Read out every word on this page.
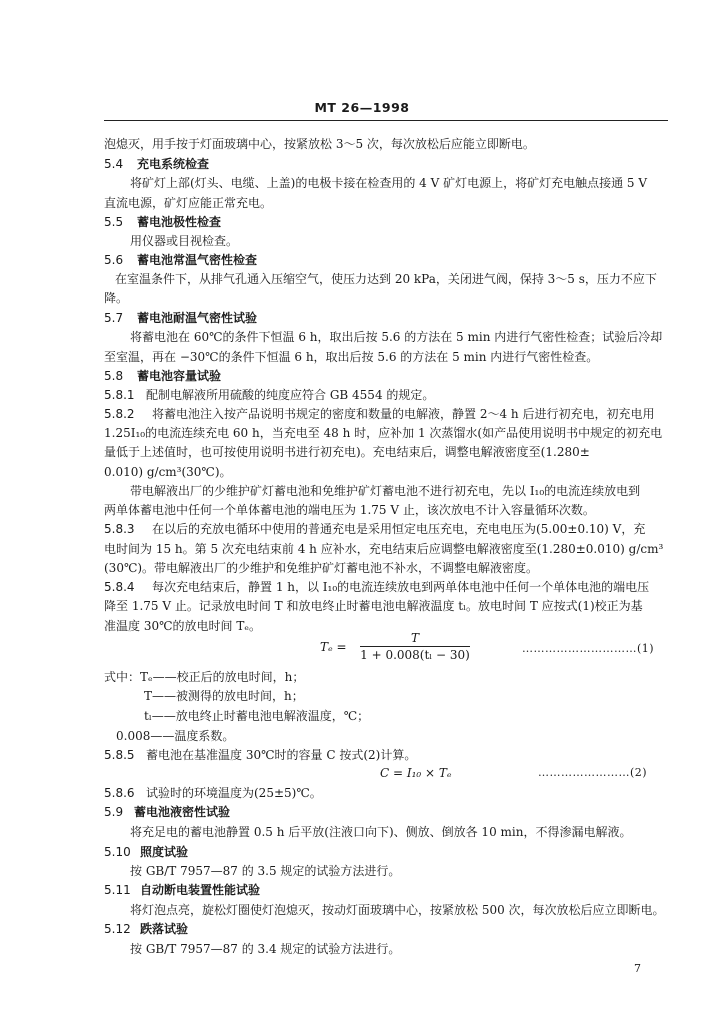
MT 26—1998
泡熄灭，用手按于灯面玻璃中心，按紧放松 3～5 次，每次放松后应能立即断电。
5.4 充电系统检查
将矿灯上部(灯头、电缆、上盖)的电极卡接在检查用的 4 V 矿灯电源上，将矿灯充电触点接通 5 V
直流电源，矿灯应能正常充电。
5.5 蓄电池极性检查
用仪器或目视检查。
5.6 蓄电池常温气密性检查
在室温条件下，从排气孔通入压缩空气，使压力达到 20 kPa，关闭进气阀，保持 3～5 s，压力不应下
降。
5.7 蓄电池耐温气密性试验
将蓄电池在 60℃的条件下恒温 6 h，取出后按 5.6 的方法在 5 min 内进行气密性检查；试验后冷却
至室温，再在 −30℃的条件下恒温 6 h，取出后按 5.6 的方法在 5 min 内进行气密性检查。
5.8 蓄电池容量试验
5.8.1 配制电解液所用硫酸的纯度应符合 GB 4554 的规定。
5.8.2 将蓄电池注入按产品说明书规定的密度和数量的电解液，静置 2～4 h 后进行初充电，初充电用
1.25I₁₀的电流连续充电 60 h，当充电至 48 h 时，应补加 1 次蒸馏水(如产品使用说明书中规定的初充电
量低于上述值时，也可按使用说明书进行初充电)。充电结束后，调整电解液密度至(1.280±
0.010) g/cm³(30℃)。
带电解液出厂的少维护矿灯蓄电池和免维护矿灯蓄电池不进行初充电，先以 I₁₀的电流连续放电到
两单体蓄电池中任何一个单体蓄电池的端电压为 1.75 V 止，该次放电不计入容量循环次数。
5.8.3 在以后的充放电循环中使用的普通充电是采用恒定电压充电，充电电压为(5.00±0.10) V，充
电时间为 15 h。第 5 次充电结束前 4 h 应补水，充电结束后应调整电解液密度至(1.280±0.010) g/cm³
(30℃)。带电解液出厂的少维护和免维护矿灯蓄电池不补水，不调整电解液密度。
5.8.4 每次充电结束后，静置 1 h，以 I₁₀的电流连续放电到两单体电池中任何一个单体电池的端电压
降至 1.75 V 止。记录放电时间 T 和放电终止时蓄电池电解液温度 tₗ。放电时间 T 应按式(1)校正为基
准温度 30℃的放电时间 Tₑ。
式中：Tₑ——校正后的放电时间，h；
T——被测得的放电时间，h；
tₗ——放电终止时蓄电池电解液温度，℃；
0.008——温度系数。
5.8.5 蓄电池在基准温度 30℃时的容量 C 按式(2)计算。
5.8.6 试验时的环境温度为(25±5)℃。
5.9 蓄电池液密性试验
将充足电的蓄电池静置 0.5 h 后平放(注液口向下)、侧放、倒放各 10 min，不得渗漏电解液。
5.10 照度试验
按 GB/T 7957—87 的 3.5 规定的试验方法进行。
5.11 自动断电装置性能试验
将灯泡点亮，旋松灯圈使灯泡熄灭，按动灯面玻璃中心，按紧放松 500 次，每次放松后应立即断电。
5.12 跌落试验
按 GB/T 7957—87 的 3.4 规定的试验方法进行。
$T_e = \frac{T}{\text{1 + 0.008(tₗ − 30)}}$	…………………………(1)
C = I₁₀ × Tₑ	……………………(2)
7
